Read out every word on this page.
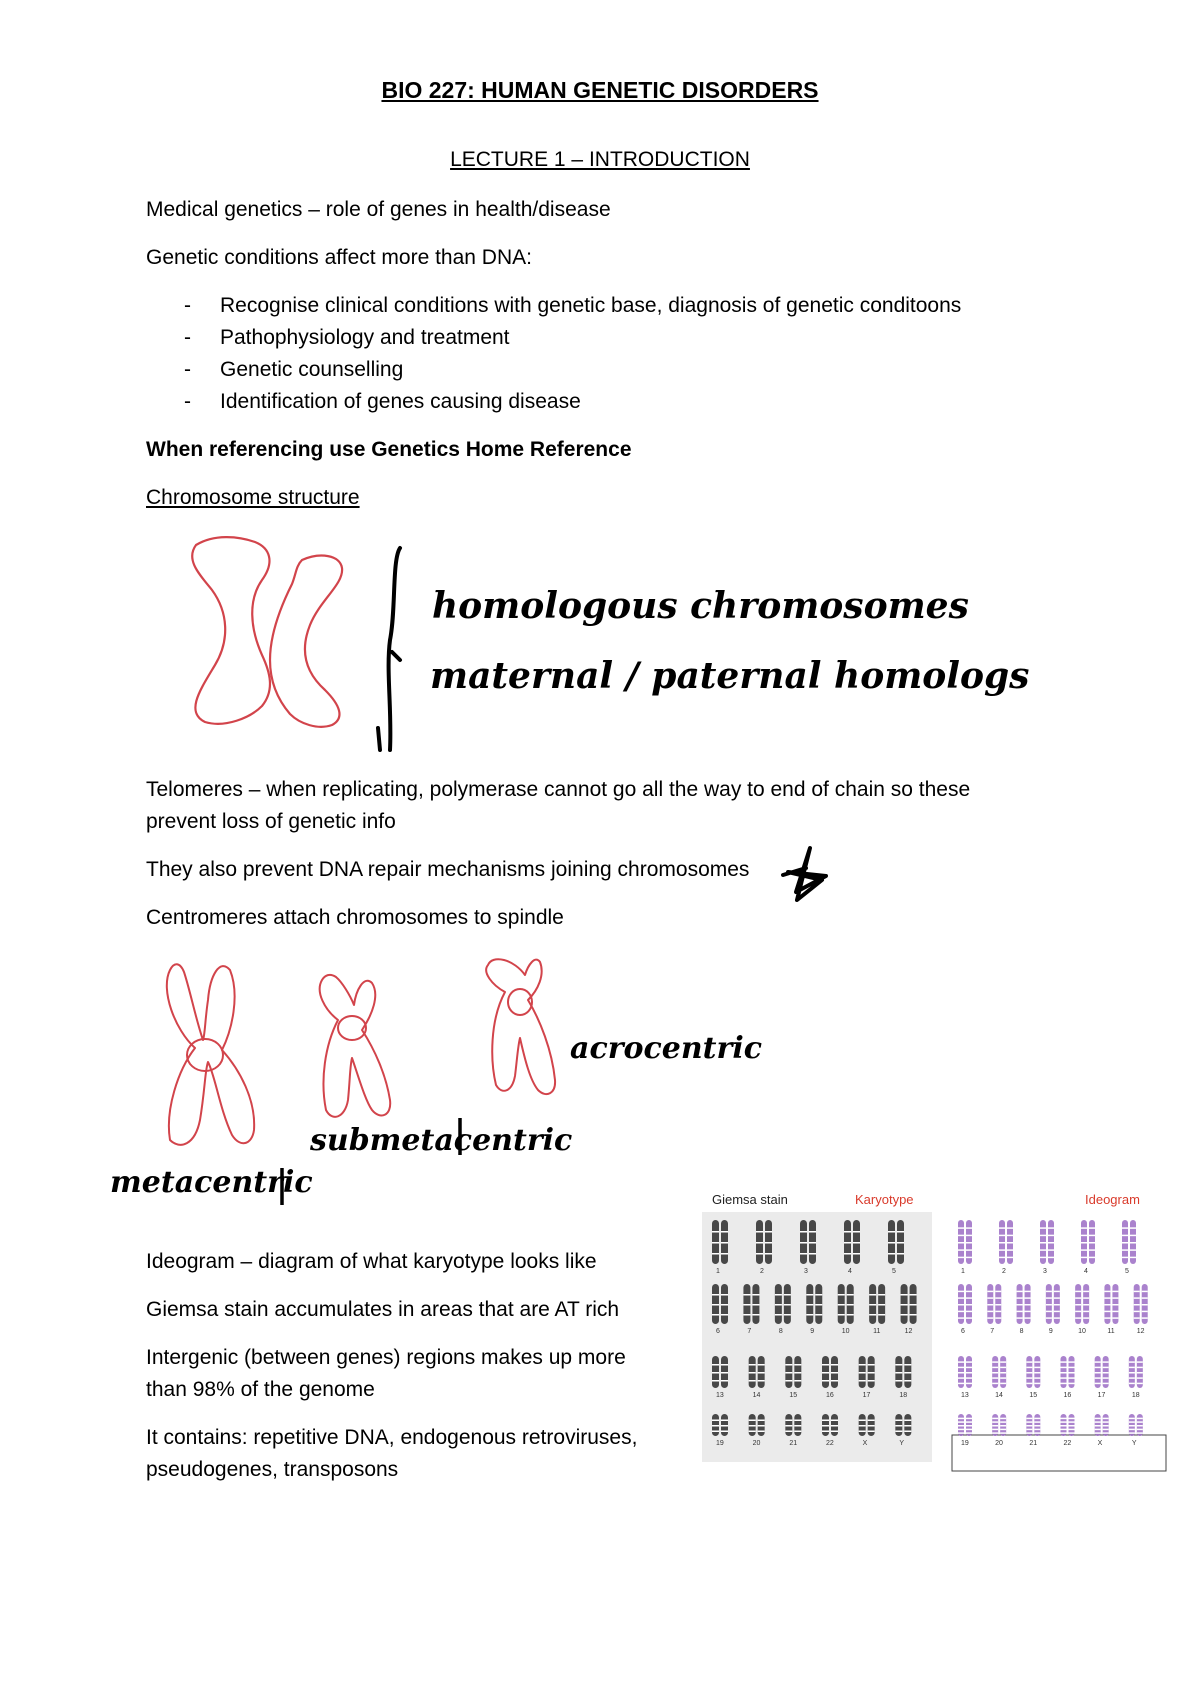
BIO 227: HUMAN GENETIC DISORDERS
LECTURE 1 – INTRODUCTION
Medical genetics – role of genes in health/disease
Genetic conditions affect more than DNA:
- Recognise clinical conditions with genetic base, diagnosis of genetic conditoons
- Pathophysiology and treatment
- Genetic counselling
- Identification of genes causing disease
When referencing use Genetics Home Reference
Chromosome structure
homologous chromosomes
maternal / paternal homologs
Telomeres – when replicating, polymerase cannot go all the way to end of chain so these
prevent loss of genetic info
They also prevent DNA repair mechanisms joining chromosomes
Centromeres attach chromosomes to spindle
acrocentric
submetacentric
metacentric
Ideogram – diagram of what karyotype looks like
Giemsa stain accumulates in areas that are AT rich
Intergenic (between genes) regions makes up more
than 98% of the genome
It contains: repetitive DNA, endogenous retroviruses,
pseudogenes, transposons
Giemsa stain	Karyotype	Ideogram
1	1
2	2
3	3
4	4
5	5
6	6
7	7
8	8
9	9
10	10
11	11
12	12
13	13
14	14
15	15
16	16
17	17
18	18
19	19
20	20
21	21
22	22
X	X
Y	Y
